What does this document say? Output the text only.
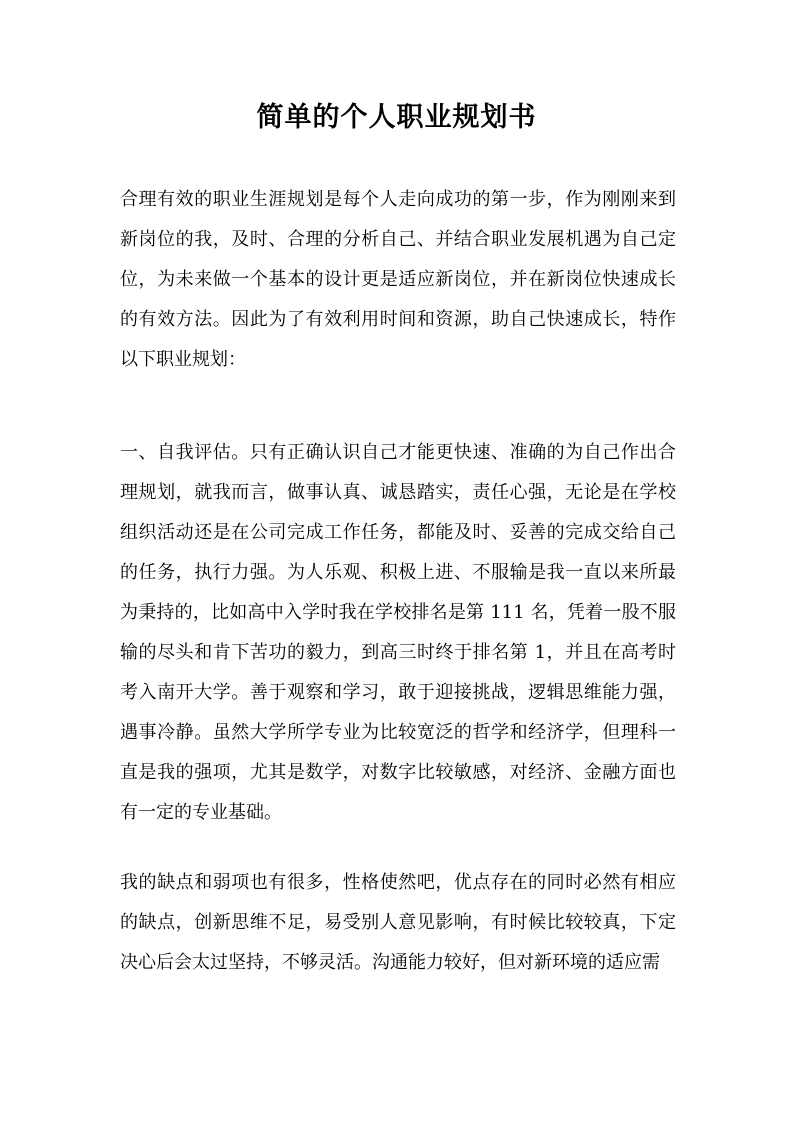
简单的个人职业规划书

合理有效的职业生涯规划是每个人走向成功的第一步，作为刚刚来到新岗位的我，及时、合理的分析自己、并结合职业发展机遇为自己定位，为未来做一个基本的设计更是适应新岗位，并在新岗位快速成长的有效方法。因此为了有效利用时间和资源，助自己快速成长，特作以下职业规划：

一、自我评估。只有正确认识自己才能更快速、准确的为自己作出合理规划，就我而言，做事认真、诚恳踏实，责任心强，无论是在学校组织活动还是在公司完成工作任务，都能及时、妥善的完成交给自己的任务，执行力强。为人乐观、积极上进、不服输是我一直以来所最为秉持的，比如高中入学时我在学校排名是第 111 名，凭着一股不服输的尽头和肯下苦功的毅力，到高三时终于排名第 1，并且在高考时考入南开大学。善于观察和学习，敢于迎接挑战，逻辑思维能力强，遇事冷静。虽然大学所学专业为比较宽泛的哲学和经济学，但理科一直是我的强项，尤其是数学，对数字比较敏感，对经济、金融方面也有一定的专业基础。

我的缺点和弱项也有很多，性格使然吧，优点存在的同时必然有相应的缺点，创新思维不足，易受别人意见影响，有时候比较较真，下定决心后会太过坚持，不够灵活。沟通能力较好，但对新环境的适应需
